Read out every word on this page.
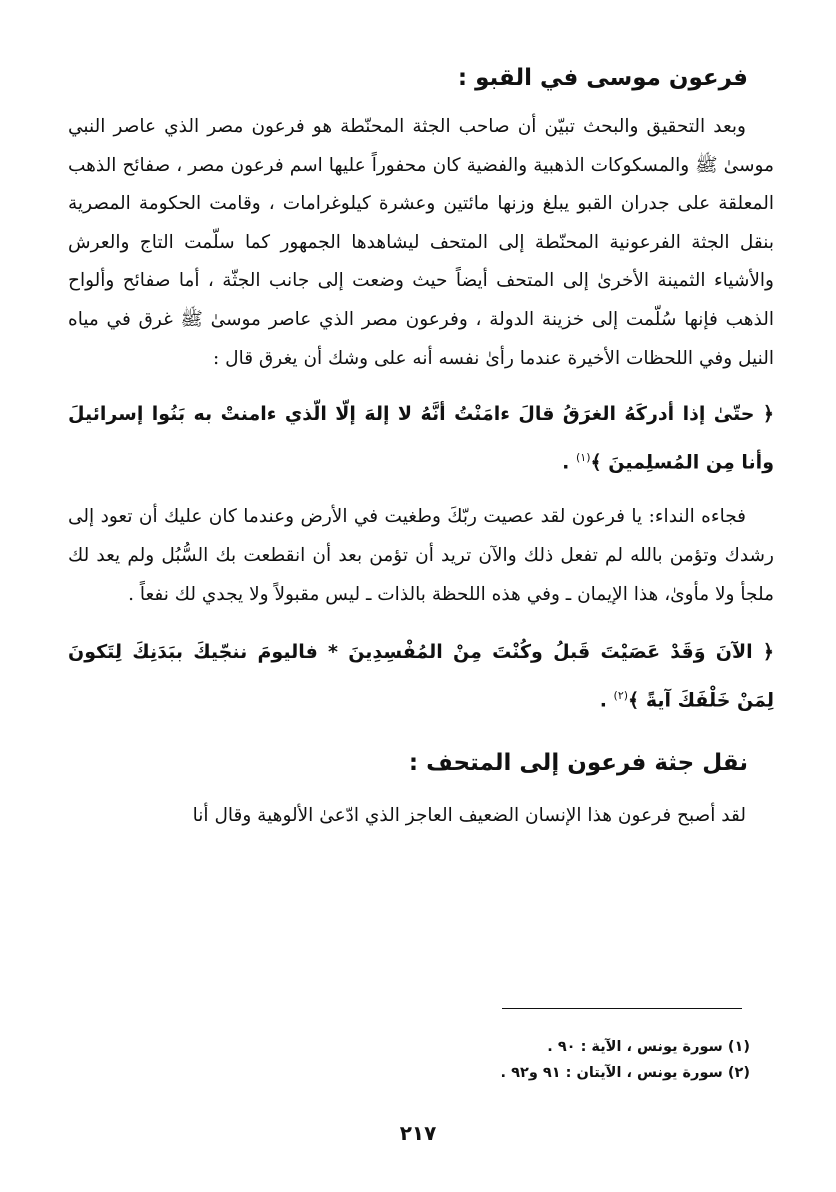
فرعون موسى في القبو :

وبعد التحقيق والبحث تبيّن أن صاحب الجثة المحنّطة هو فرعون مصر الذي عاصر النبي موسىٰ ﷺ والمسكوكات الذهبية والفضية كان محفوراً عليها اسم فرعون مصر ، صفائح الذهب المعلقة على جدران القبو يبلغ وزنها مائتين وعشرة كيلوغرامات ، وقامت الحكومة المصرية بنقل الجثة الفرعونية المحنّطة إلى المتحف ليشاهدها الجمهور كما سلّمت التاج والعرش والأشياء الثمينة الأخرىٰ إلى المتحف أيضاً حيث وضعت إلى جانب الجثّة ، أما صفائح وألواح الذهب فإنها سُلّمت إلى خزينة الدولة ، وفرعون مصر الذي عاصر موسىٰ ﷺ غرق في مياه النيل وفي اللحظات الأخيرة عندما رأىٰ نفسه أنه على وشك أن يغرق قال :

﴿ حتّىٰ إذا أدركَهُ الغرَقُ قالَ ءامَنْتُ أنَّهُ لا إلهَ إلّا الّذي ءامنتْ به بَنُوا إسرائيلَ وأنا مِن المُسلِمينَ ﴾$^{(١)}$ .

فجاءه النداء: يا فرعون لقد عصيت ربّكَ وطغيت في الأرض وعندما كان عليك أن تعود إلى رشدك وتؤمن بالله لم تفعل ذلك والآن تريد أن تؤمن بعد أن انقطعت بك السُّبُل ولم يعد لك ملجأ ولا مأوىٰ، هذا الإيمان ـ وفي هذه اللحظة بالذات ـ ليس مقبولاً ولا يجدي لك نفعاً .

﴿ الآنَ وَقَدْ عَصَيْتَ قَبلُ وكُنْتَ مِنْ المُفْسِدِينَ * فاليومَ ننجّيكَ ببَدَنِكَ لِتَكونَ لِمَنْ خَلْفَكَ آيةً ﴾$^{(٢)}$ .

نقل جثة فرعون إلى المتحف :

لقد أصبح فرعون هذا الإنسان الضعيف العاجز الذي ادّعىٰ الألوهية وقال أنا

(١) سورة يونس ، الآية : ٩٠ .

(٢) سورة يونس ، الآيتان : ٩١ و٩٢ .

٢١٧
